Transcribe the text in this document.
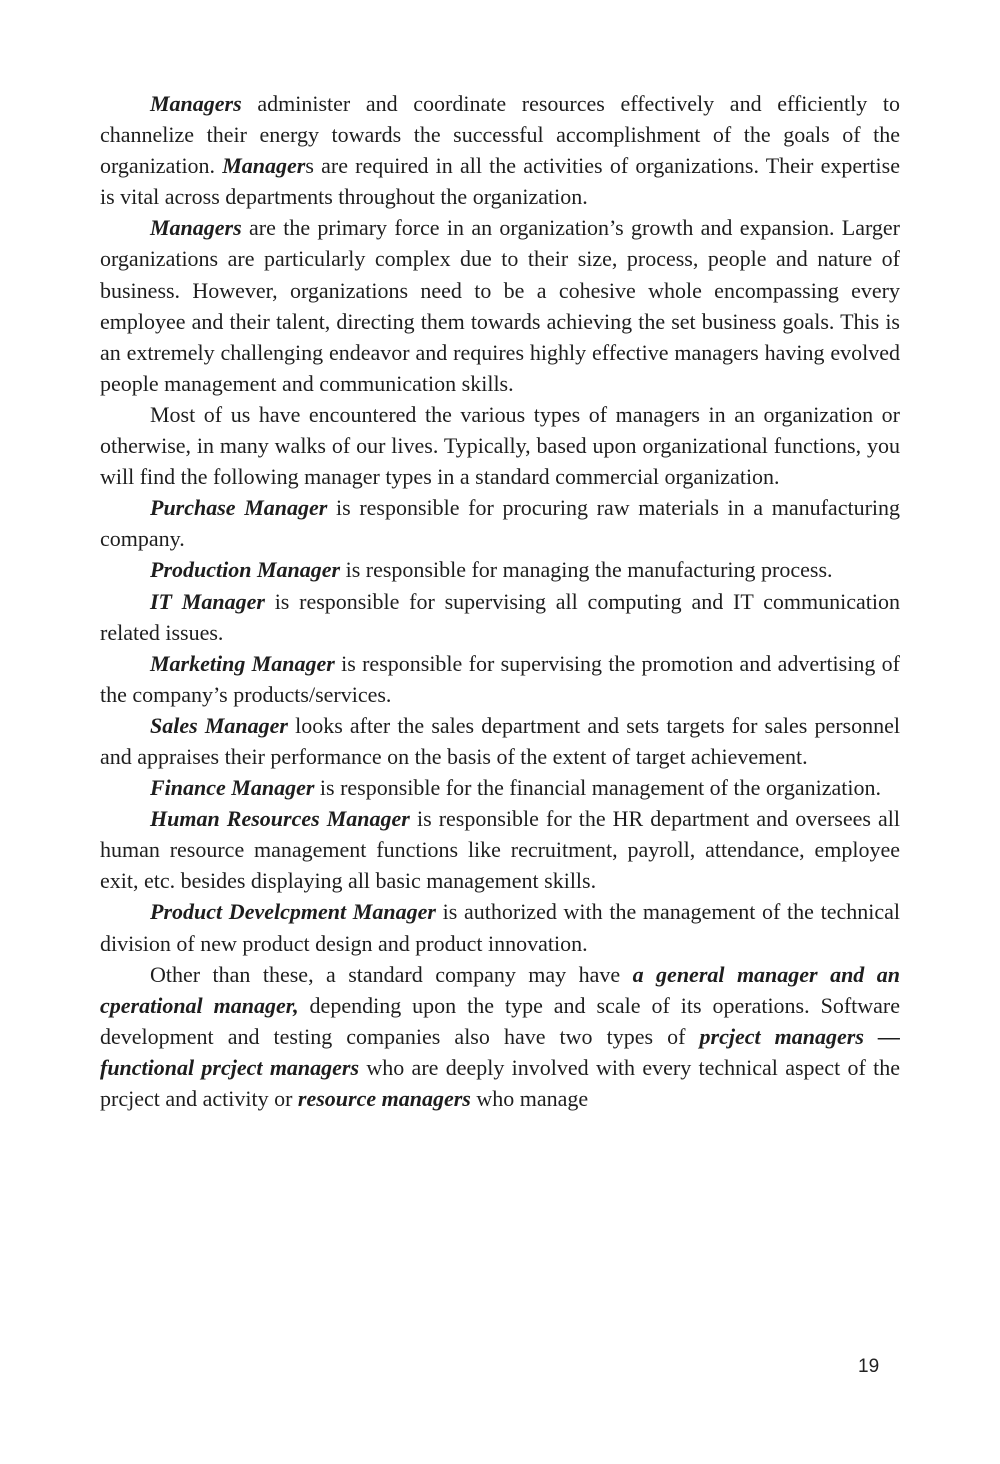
Managers administer and coordinate resources effectively and efficiently to channelize their energy towards the successful accomplishment of the goals of the organization. Managers are required in all the activities of organizations. Their expertise is vital across departments throughout the organization.

Managers are the primary force in an organization’s growth and expansion. Larger organizations are particularly complex due to their size, process, people and nature of business. However, organizations need to be a cohesive whole encompassing every employee and their talent, directing them towards achieving the set business goals. This is an extremely challenging endeavor and requires highly effective managers having evolved people management and communication skills.

Most of us have encountered the various types of managers in an organization or otherwise, in many walks of our lives. Typically, based upon organizational functions, you will find the following manager types in a standard commercial organization.

Purchase Manager is responsible for procuring raw materials in a manufacturing company.

Production Manager is responsible for managing the manufacturing process.

IT Manager is responsible for supervising all computing and IT communication related issues.

Marketing Manager is responsible for supervising the promotion and advertising of the company’s products/services.

Sales Manager looks after the sales department and sets targets for sales personnel and appraises their performance on the basis of the extent of target achievement.

Finance Manager is responsible for the financial management of the organization.

Human Resources Manager is responsible for the HR department and oversees all human resource management functions like recruitment, payroll, attendance, employee exit, etc. besides displaying all basic management skills.

Product Develcpment Manager is authorized with the management of the technical division of new product design and product innovation.

Other than these, a standard company may have a general manager and an cperational manager, depending upon the type and scale of its operations. Software development and testing companies also have two types of prcject managers — functional prcject managers who are deeply involved with every technical aspect of the prcject and activity or resource managers who manage

19
